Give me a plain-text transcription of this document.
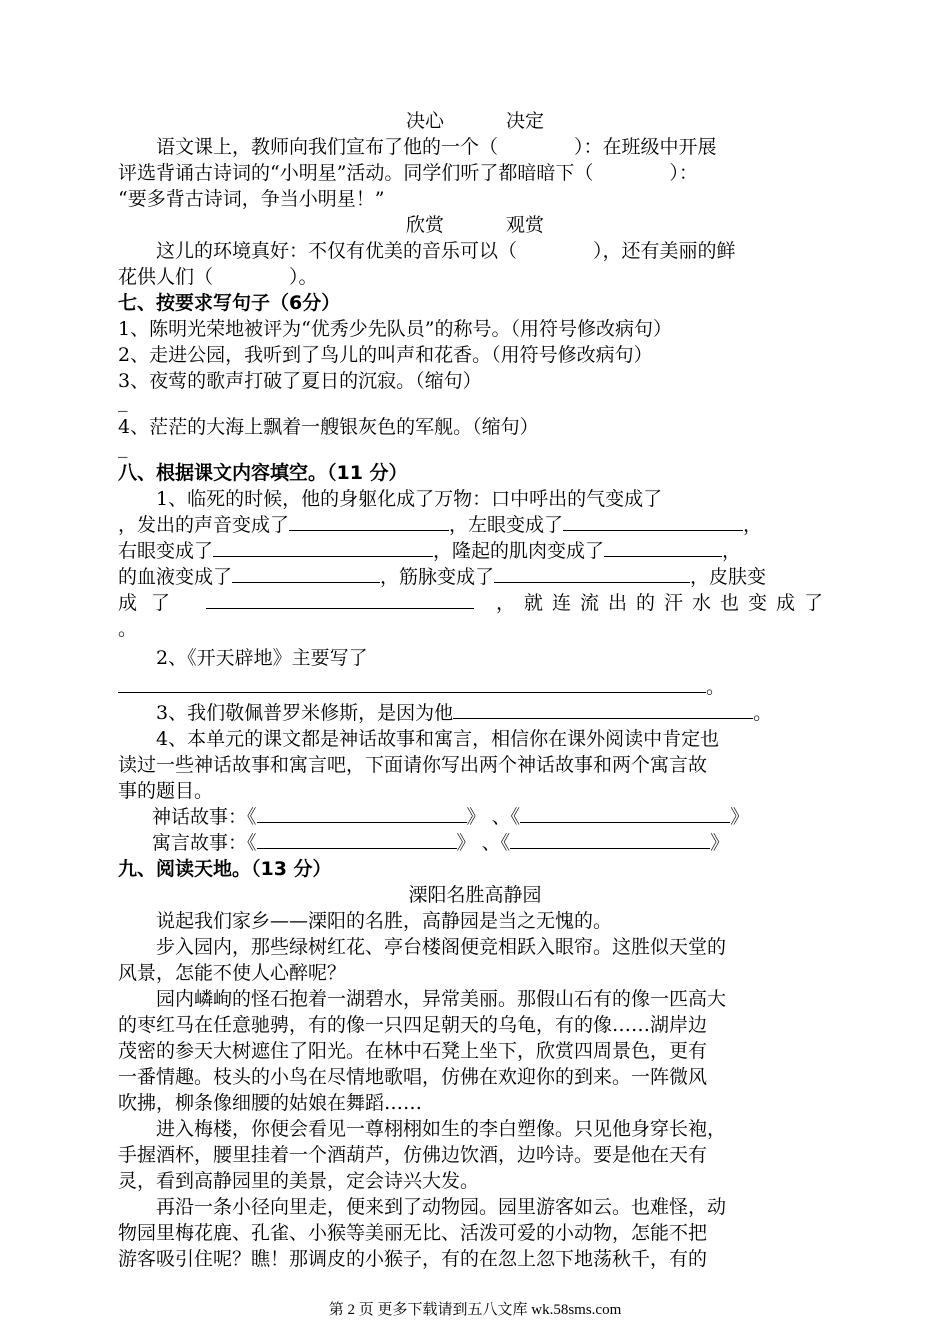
决心	决定
语文课上，教师向我们宣布了他的一个（　　　　）：在班级中开展
评选背诵古诗词的“小明星”活动。同学们听了都暗暗下（　　　　）：
“要多背古诗词，争当小明星！”
欣赏	观赏
这儿的环境真好：不仅有优美的音乐可以（　　　　），还有美丽的鲜
花供人们（　　　　）。
七、按要求写句子（6分）
1、陈明光荣地被评为“优秀少先队员”的称号。（用符号修改病句）
2、走进公园，我听到了鸟儿的叫声和花香。（用符号修改病句）
3、夜莺的歌声打破了夏日的沉寂。（缩句）
_
4、茫茫的大海上飘着一艘银灰色的军舰。（缩句）
_
八、根据课文内容填空。（11 分）
1、临死的时候，他的身躯化成了万物：口中呼出的气变成了
，发出的声音变成了	，左眼变成了	，
右眼变成了	，隆起的肌肉变成了	，
的血液变成了	，筋脉变成了	，皮肤变
成了	，就连流出的汗水也变成了
。
2、《开天辟地》主要写了
。
3、我们敬佩普罗米修斯，是因为他	。
4、本单元的课文都是神话故事和寓言，相信你在课外阅读中肯定也
读过一些神话故事和寓言吧，下面请你写出两个神话故事和两个寓言故
事的题目。
神话故事：《	》 、《	》
寓言故事：《	》 、《	》
九、阅读天地。（13 分）
溧阳名胜高静园
说起我们家乡——溧阳的名胜，高静园是当之无愧的。
步入园内，那些绿树红花、亭台楼阁便竞相跃入眼帘。这胜似天堂的
风景，怎能不使人心醉呢？
园内嶙峋的怪石抱着一湖碧水，异常美丽。那假山石有的像一匹高大
的枣红马在任意驰骋，有的像一只四足朝天的乌龟，有的像……湖岸边
茂密的参天大树遮住了阳光。在林中石凳上坐下，欣赏四周景色，更有
一番情趣。枝头的小鸟在尽情地歌唱，仿佛在欢迎你的到来。一阵微风
吹拂，柳条像细腰的姑娘在舞蹈……
进入梅楼，你便会看见一尊栩栩如生的李白塑像。只见他身穿长袍，
手握酒杯，腰里挂着一个酒葫芦，仿佛边饮酒，边吟诗。要是他在天有
灵，看到高静园里的美景，定会诗兴大发。
再沿一条小径向里走，便来到了动物园。园里游客如云。也难怪，动
物园里梅花鹿、孔雀、小猴等美丽无比、活泼可爱的小动物，怎能不把
游客吸引住呢？瞧！那调皮的小猴子，有的在忽上忽下地荡秋千，有的
第 2 页 更多下载请到五八文库 wk.58sms.com
